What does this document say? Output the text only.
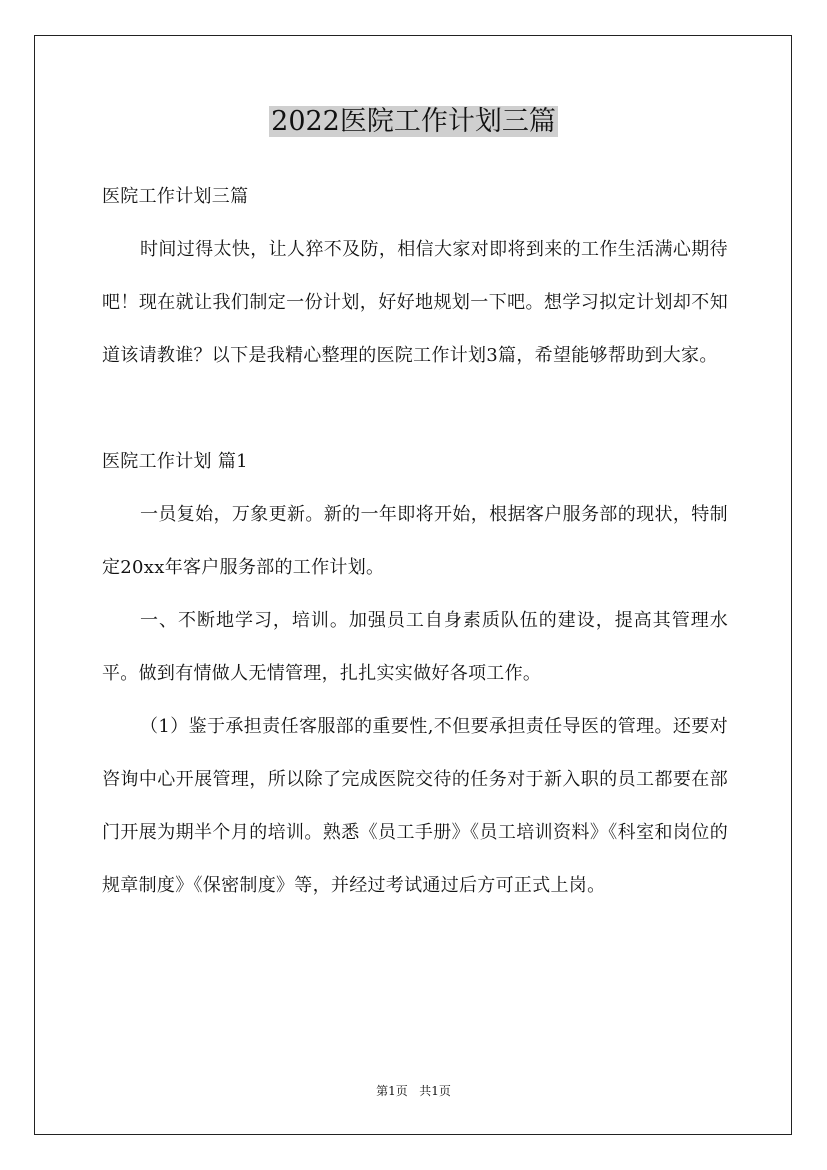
2022医院工作计划三篇

医院工作计划三篇

时间过得太快，让人猝不及防，相信大家对即将到来的工作生活满心期待吧！现在就让我们制定一份计划，好好地规划一下吧。想学习拟定计划却不知道该请教谁？以下是我精心整理的医院工作计划3篇，希望能够帮助到大家。

医院工作计划 篇1

一员复始，万象更新。新的一年即将开始，根据客户服务部的现状，特制定20xx年客户服务部的工作计划。

一、不断地学习，培训。加强员工自身素质队伍的建设，提高其管理水平。做到有情做人无情管理，扎扎实实做好各项工作。

（1）鉴于承担责任客服部的重要性,不但要承担责任导医的管理。还要对咨询中心开展管理，所以除了完成医院交待的任务对于新入职的员工都要在部门开展为期半个月的培训。熟悉《员工手册》《员工培训资料》《科室和岗位的规章制度》《保密制度》等，并经过考试通过后方可正式上岗。

第1页   共1页
